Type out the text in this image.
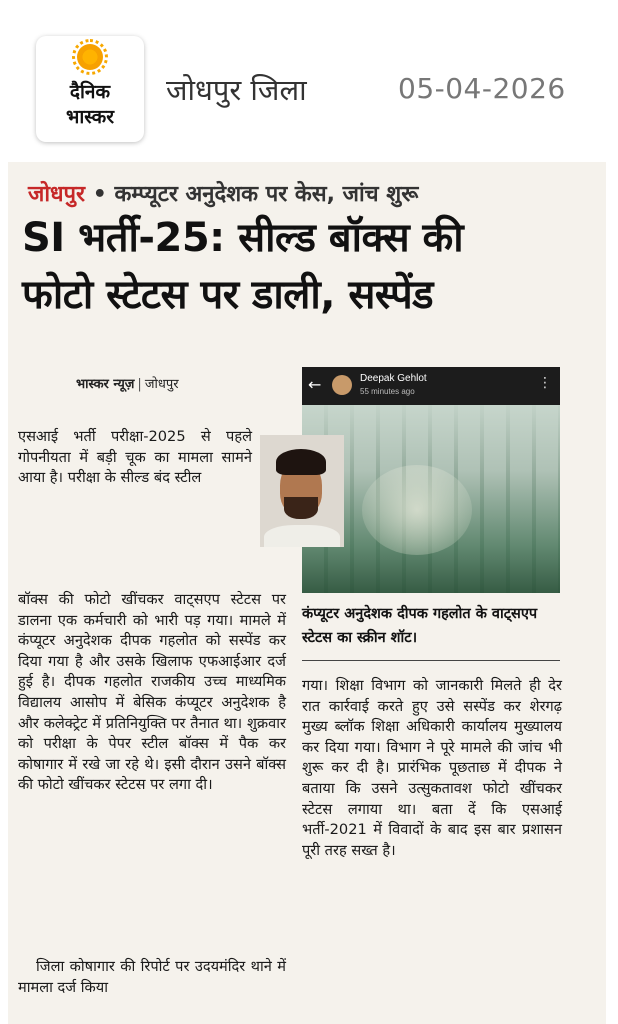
दैनिक
भास्कर
जोधपुर जिला	05-04-2026
जोधपुर • कम्प्यूटर अनुदेशक पर केस, जांच शुरू
SI भर्ती-25: सील्ड बॉक्स की
फोटो स्टेटस पर डाली, सस्पेंड
भास्कर न्यूज़ | जोधपुर	←	Deepak Gehlot
55 minutes ago
⋮
कंप्यूटर अनुदेशक दीपक गहलोत के वाट्सएप स्टेटस का स्क्रीन शॉट।
एसआई भर्ती परीक्षा-2025 से पहले गोपनीयता में बड़ी चूक का मामला सामने आया है। परीक्षा के सील्ड बंद स्टील
बॉक्स की फोटो खींचकर वाट्सएप स्टेटस पर डालना एक कर्मचारी को भारी पड़ गया। मामले में कंप्यूटर अनुदेशक दीपक गहलोत को सस्पेंड कर दिया गया है और उसके खिलाफ एफआईआर दर्ज हुई है। दीपक गहलोत राजकीय उच्च माध्यमिक विद्यालय आसोप में बेसिक कंप्यूटर अनुदेशक है और कलेक्ट्रेट में प्रतिनियुक्ति पर तैनात था। शुक्रवार को परीक्षा के पेपर स्टील बॉक्स में पैक कर कोषागार में रखे जा रहे थे। इसी दौरान उसने बॉक्स की फोटो खींचकर स्टेटस पर लगा दी।
जिला कोषागार की रिपोर्ट पर उदयमंदिर थाने में मामला दर्ज किया
गया। शिक्षा विभाग को जानकारी मिलते ही देर रात कार्रवाई करते हुए उसे सस्पेंड कर शेरगढ़ मुख्य ब्लॉक शिक्षा अधिकारी कार्यालय मुख्यालय कर दिया गया। विभाग ने पूरे मामले की जांच भी शुरू कर दी है। प्रारंभिक पूछताछ में दीपक ने बताया कि उसने उत्सुकतावश फोटो खींचकर स्टेटस लगाया था। बता दें कि एसआई भर्ती-2021 में विवादों के बाद इस बार प्रशासन पूरी तरह सख्त है।
